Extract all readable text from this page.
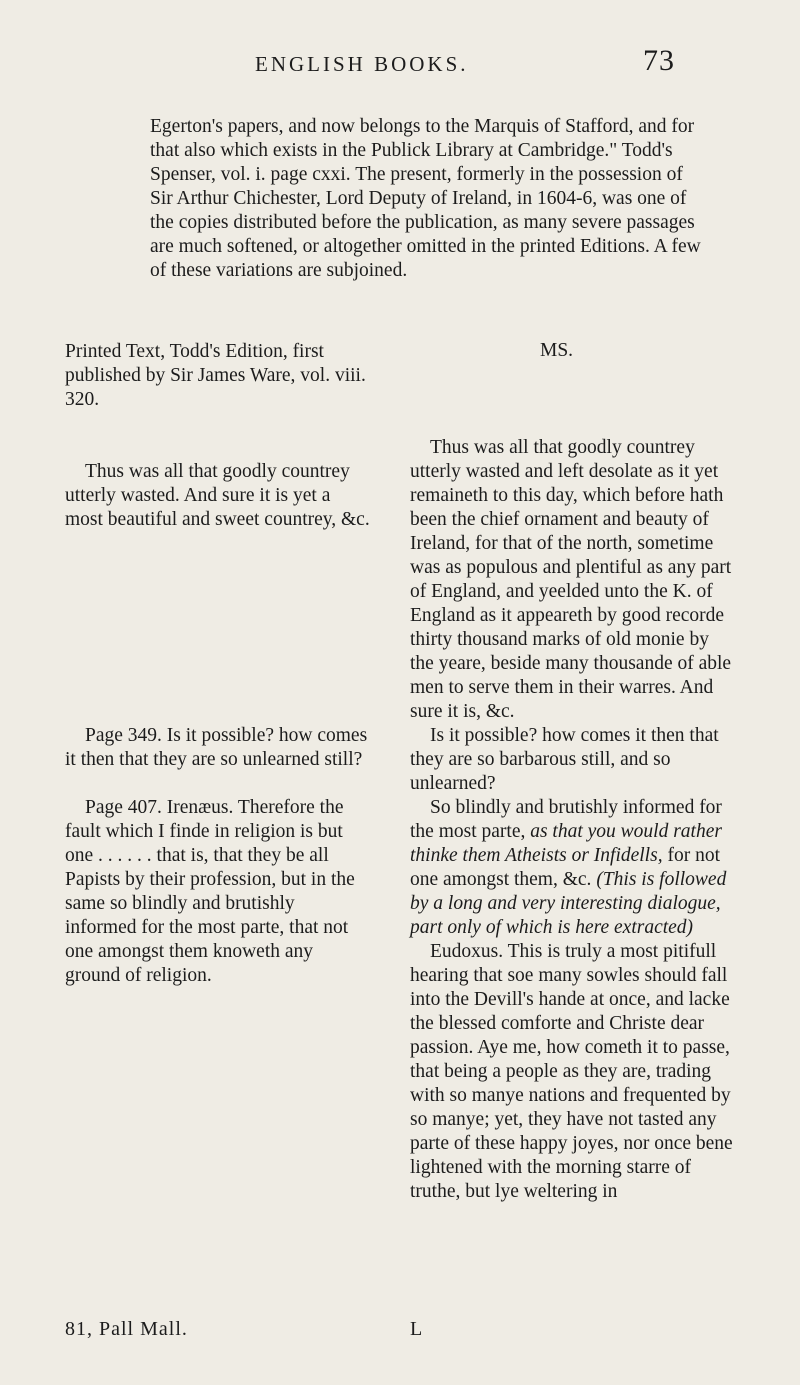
ENGLISH BOOKS.	73
Egerton's papers, and now belongs to the Marquis of Stafford, and for that also which exists in the Publick Library at Cambridge." Todd's Spenser, vol. i. page cxxi. The present, formerly in the possession of Sir Arthur Chichester, Lord Deputy of Ireland, in 1604-6, was one of the copies distributed before the publication, as many severe passages are much softened, or altogether omitted in the printed Editions. A few of these variations are subjoined.
Printed Text, Todd's Edition, first published by Sir James Ware, vol. viii. 320.
MS.

Thus was all that goodly countrey utterly wasted. And sure it is yet a most beautiful and sweet countrey, &c.

Page 349. Is it possible? how comes it then that they are so unlearned still?

Page 407. Irenæus. Therefore the fault which I finde in religion is but one . . . . . . that is, that they be all Papists by their profession, but in the same so blindly and brutishly informed for the most parte, that not one amongst them knoweth any ground of religion.

Thus was all that goodly countrey utterly wasted and left desolate as it yet remaineth to this day, which before hath been the chief ornament and beauty of Ireland, for that of the north, sometime was as populous and plentiful as any part of England, and yeelded unto the K. of England as it appeareth by good recorde thirty thousand marks of old monie by the yeare, beside many thousande of able men to serve them in their warres. And sure it is, &c.

Is it possible? how comes it then that they are so barbarous still, and so unlearned?

So blindly and brutishly informed for the most parte, as that you would rather thinke them Atheists or Infidells, for not one amongst them, &c. (This is followed by a long and very interesting dialogue, part only of which is here extracted)

Eudoxus. This is truly a most pitifull hearing that soe many sowles should fall into the Devill's hande at once, and lacke the blessed comforte and Christe dear passion. Aye me, how cometh it to passe, that being a people as they are, trading with so manye nations and frequented by so manye; yet, they have not tasted any parte of these happy joyes, nor once bene lightened with the morning starre of truthe, but lye weltering in

81, Pall Mall.	L
